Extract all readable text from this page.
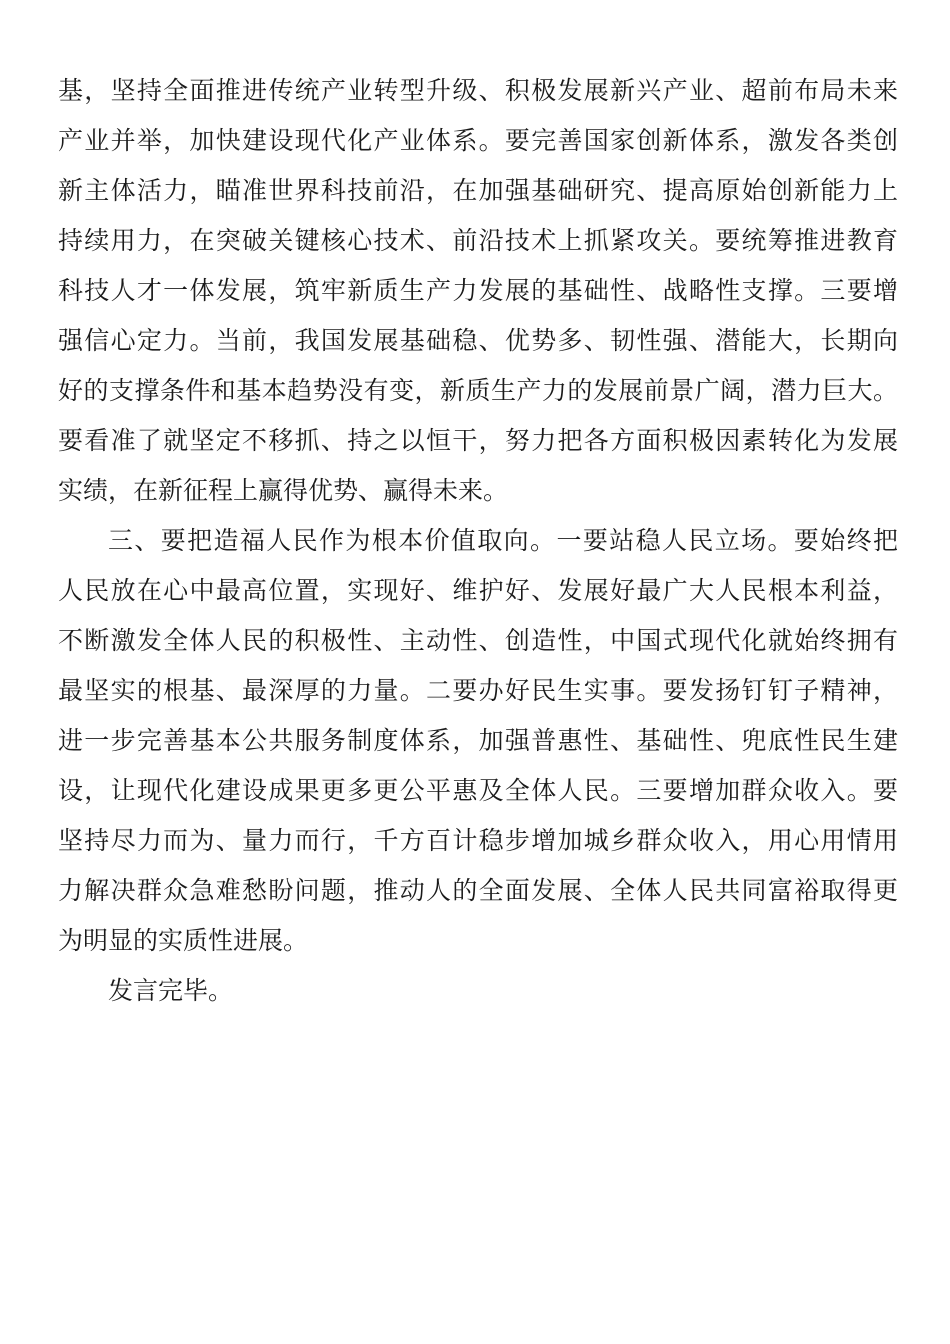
基，坚持全面推进传统产业转型升级、积极发展新兴产业、超前布局未来
产业并举，加快建设现代化产业体系。要完善国家创新体系，激发各类创
新主体活力，瞄准世界科技前沿，在加强基础研究、提高原始创新能力上
持续用力，在突破关键核心技术、前沿技术上抓紧攻关。要统筹推进教育
科技人才一体发展，筑牢新质生产力发展的基础性、战略性支撑。三要增
强信心定力。当前，我国发展基础稳、优势多、韧性强、潜能大，长期向
好的支撑条件和基本趋势没有变，新质生产力的发展前景广阔，潜力巨大。
要看准了就坚定不移抓、持之以恒干，努力把各方面积极因素转化为发展
实绩，在新征程上赢得优势、赢得未来。
三、要把造福人民作为根本价值取向。一要站稳人民立场。要始终把
人民放在心中最高位置，实现好、维护好、发展好最广大人民根本利益，
不断激发全体人民的积极性、主动性、创造性，中国式现代化就始终拥有
最坚实的根基、最深厚的力量。二要办好民生实事。要发扬钉钉子精神，
进一步完善基本公共服务制度体系，加强普惠性、基础性、兜底性民生建
设，让现代化建设成果更多更公平惠及全体人民。三要增加群众收入。要
坚持尽力而为、量力而行，千方百计稳步增加城乡群众收入，用心用情用
力解决群众急难愁盼问题，推动人的全面发展、全体人民共同富裕取得更
为明显的实质性进展。
发言完毕。
